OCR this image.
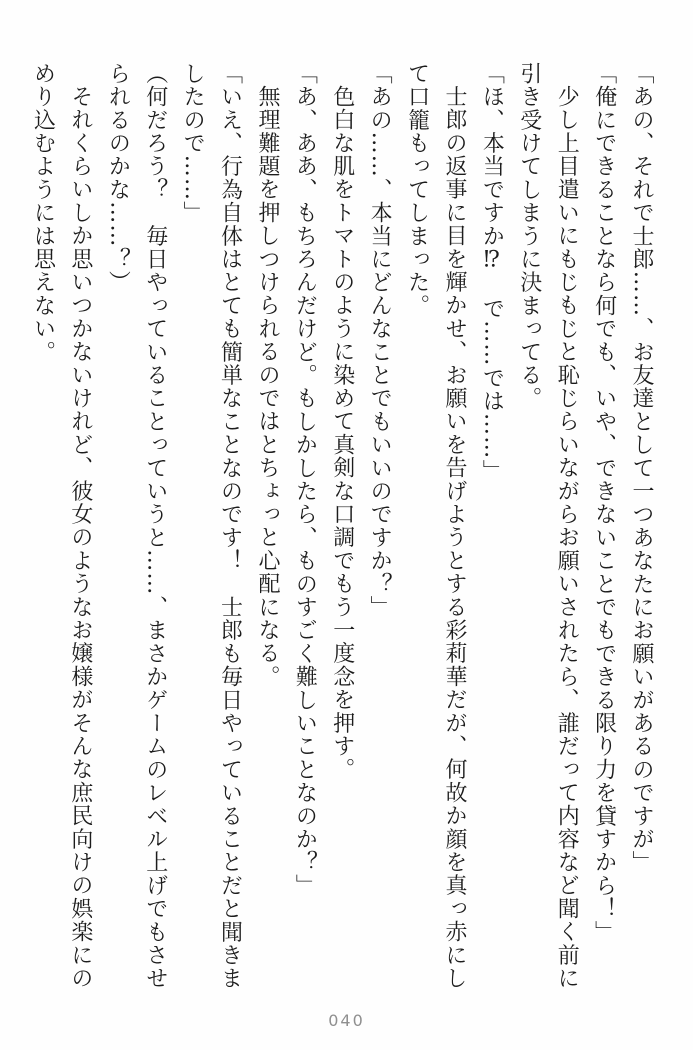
「あの、それで士郎……、お友達として一つあなたにお願いがあるのですが」

「俺にできることなら何でも、いや、できないことでもできる限り力を貸すから！」

少し上目遣いにもじもじと恥じらいながらお願いされたら、誰だって内容など聞く前に

引き受けてしまうに決まってる。

「ほ、本当ですか⁉　で……では……」

士郎の返事に目を輝かせ、お願いを告げようとする彩莉華だが、何故か顔を真っ赤にし

て口籠もってしまった。

「あの……、本当にどんなことでもいいのですか？」

色白な肌をトマトのように染めて真剣な口調でもう一度念を押す。

「あ、ああ、もちろんだけど。もしかしたら、ものすごく難しいことなのか？」

無理難題を押しつけられるのではとちょっと心配になる。

「いえ、行為自体はとても簡単なことなのです！　士郎も毎日やっていることだと聞きま

したので……」

（何だろう？　毎日やっていることっていうと……、まさかゲームのレベル上げでもさせ

られるのかな……？）

それくらいしか思いつかないけれど、彼女のようなお嬢様がそんな庶民向けの娯楽にの

めり込むようには思えない。

040
